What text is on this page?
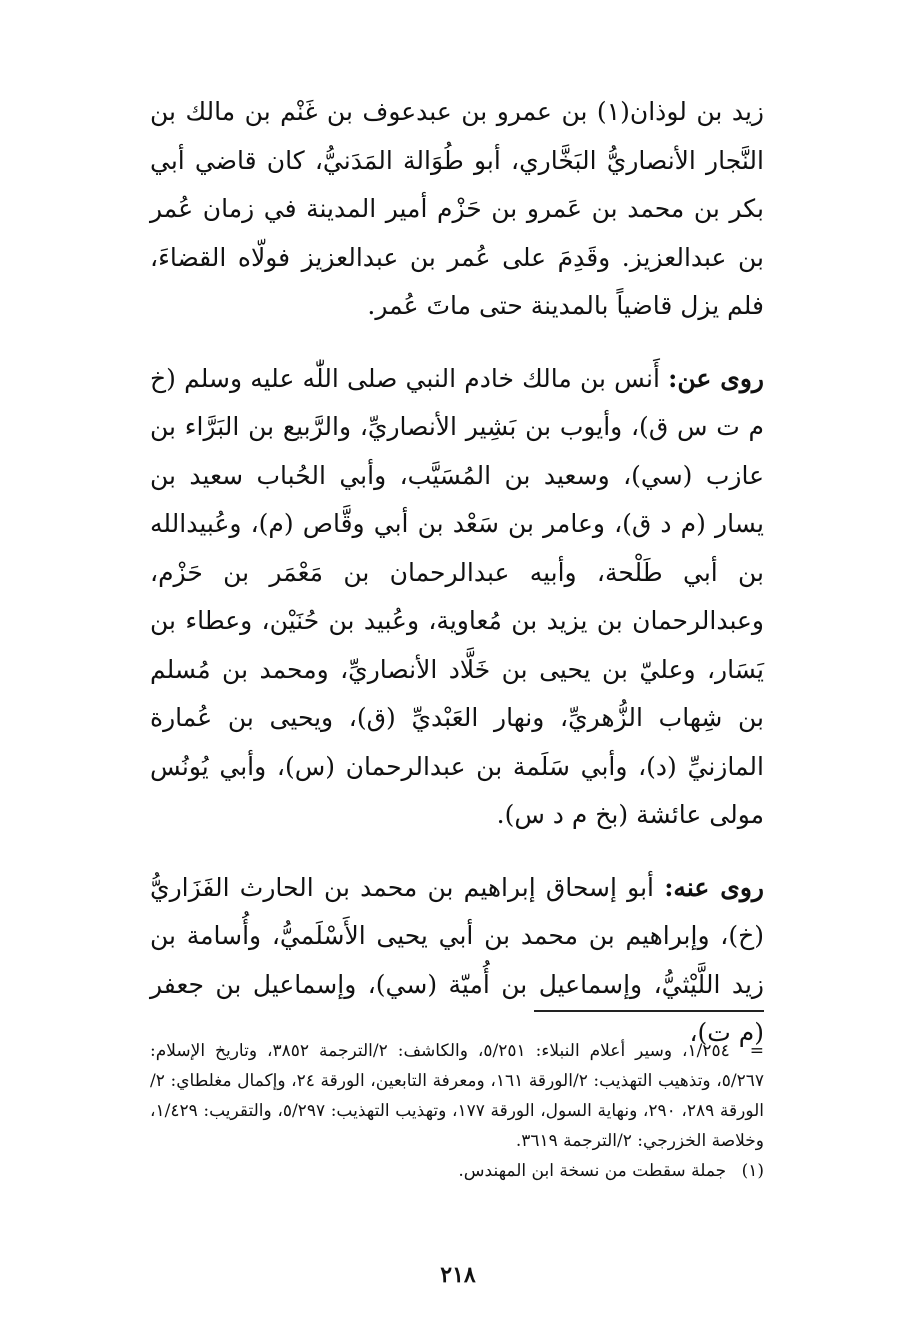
زيد بن لوذان(١) بن عمرو بن عبدعوف بن غَنْم بن مالك بن النَّجار الأنصاريُّ البَخَّاري، أبو طُوَالة المَدَنيُّ، كان قاضي أبي بكر بن محمد بن عَمرو بن حَزْم أمير المدينة في زمان عُمر بن عبدالعزيز. وقَدِمَ على عُمر بن عبدالعزيز فولّاه القضاءَ، فلم يزل قاضياً بالمدينة حتى ماتَ عُمر.

روى عن: أَنس بن مالك خادم النبي صلى اللّٰه عليه وسلم (خ م ت س ق)، وأيوب بن بَشِير الأنصاريِّ، والرَّبيع بن البَرَّاء بن عازب (سي)، وسعيد بن المُسَيَّب، وأبي الحُباب سعيد بن يسار (م د ق)، وعامر بن سَعْد بن أبي وقَّاص (م)، وعُبيدالله بن أبي طَلْحة، وأبيه عبدالرحمان بن مَعْمَر بن حَزْم، وعبدالرحمان بن يزيد بن مُعاوية، وعُبيد بن حُنَيْن، وعطاء بن يَسَار، وعليّ بن يحيى بن خَلَّاد الأنصاريِّ، ومحمد بن مُسلم بن شِهاب الزُّهريِّ، ونهار العَبْديِّ (ق)، ويحيى بن عُمارة المازنيِّ (د)، وأبي سَلَمة بن عبدالرحمان (س)، وأبي يُونُس مولى عائشة (بخ م د س).

روى عنه: أبو إسحاق إبراهيم بن محمد بن الحارث الفَزَاريُّ (خ)، وإبراهيم بن محمد بن أبي يحيى الأَسْلَميُّ، وأُسامة بن زيد اللَّيْثيُّ، وإسماعيل بن أُميّة (سي)، وإسماعيل بن جعفر (م ت)،

= ١/٢٥٤، وسير أعلام النبلاء: ٥/٢٥١، والكاشف: ٢/الترجمة ٣٨٥٢، وتاريخ الإسلام: ٥/٢٦٧، وتذهيب التهذيب: ٢/الورقة ١٦١، ومعرفة التابعين، الورقة ٢٤، وإكمال مغلطاي: ٢/الورقة ٢٨٩، ٢٩٠، ونهاية السول، الورقة ١٧٧، وتهذيب التهذيب: ٥/٢٩٧، والتقريب: ١/٤٢٩، وخلاصة الخزرجي: ٢/الترجمة ٣٦١٩.

(١) جملة سقطت من نسخة ابن المهندس.

٢١٨
